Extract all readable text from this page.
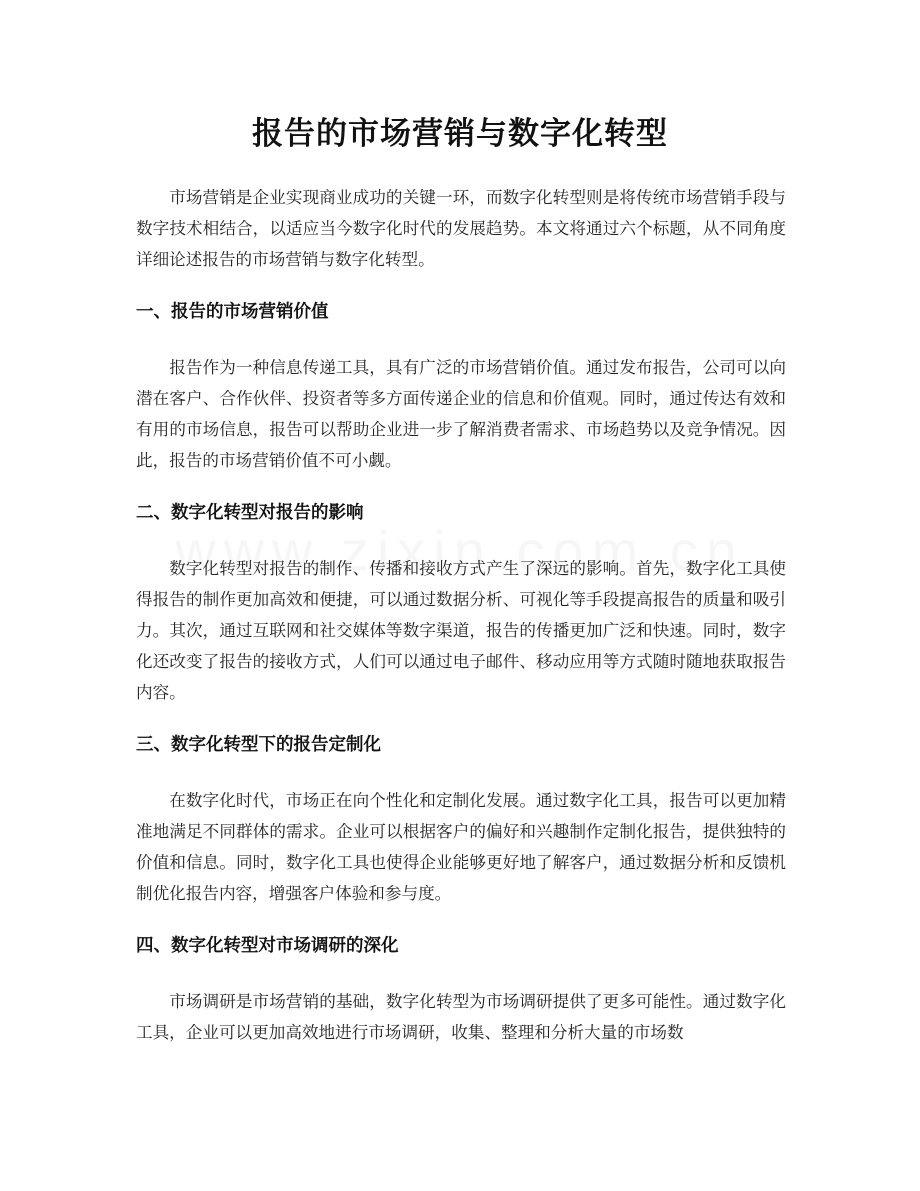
报告的市场营销与数字化转型

市场营销是企业实现商业成功的关键一环，而数字化转型则是将传统市场营销手段与数字技术相结合，以适应当今数字化时代的发展趋势。本文将通过六个标题，从不同角度详细论述报告的市场营销与数字化转型。

一、报告的市场营销价值

报告作为一种信息传递工具，具有广泛的市场营销价值。通过发布报告，公司可以向潜在客户、合作伙伴、投资者等多方面传递企业的信息和价值观。同时，通过传达有效和有用的市场信息，报告可以帮助企业进一步了解消费者需求、市场趋势以及竞争情况。因此，报告的市场营销价值不可小觑。

二、数字化转型对报告的影响

数字化转型对报告的制作、传播和接收方式产生了深远的影响。首先，数字化工具使得报告的制作更加高效和便捷，可以通过数据分析、可视化等手段提高报告的质量和吸引力。其次，通过互联网和社交媒体等数字渠道，报告的传播更加广泛和快速。同时，数字化还改变了报告的接收方式，人们可以通过电子邮件、移动应用等方式随时随地获取报告内容。

三、数字化转型下的报告定制化

在数字化时代，市场正在向个性化和定制化发展。通过数字化工具，报告可以更加精准地满足不同群体的需求。企业可以根据客户的偏好和兴趣制作定制化报告，提供独特的价值和信息。同时，数字化工具也使得企业能够更好地了解客户，通过数据分析和反馈机制优化报告内容，增强客户体验和参与度。

四、数字化转型对市场调研的深化

市场调研是市场营销的基础，数字化转型为市场调研提供了更多可能性。通过数字化工具，企业可以更加高效地进行市场调研，收集、整理和分析大量的市场数
